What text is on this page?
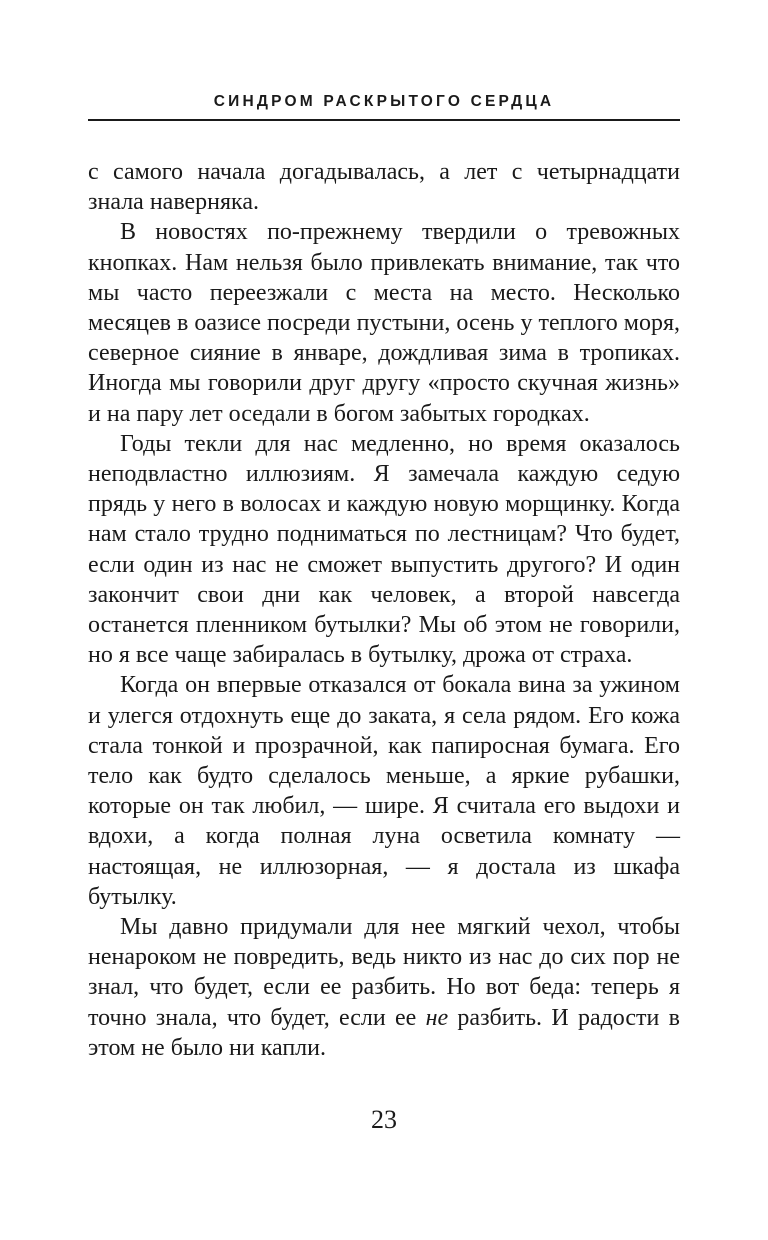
СИНДРОМ РАСКРЫТОГО СЕРДЦА

с самого начала догадывалась, а лет с четырнадцати знала наверняка.

В новостях по-прежнему твердили о тревожных кнопках. Нам нельзя было привлекать внимание, так что мы часто переезжали с места на место. Несколько месяцев в оазисе посреди пустыни, осень у теплого моря, северное сияние в январе, дождливая зима в тропиках. Иногда мы говорили друг другу «просто скучная жизнь» и на пару лет оседали в богом забытых городках.

Годы текли для нас медленно, но время оказалось неподвластно иллюзиям. Я замечала каждую седую прядь у него в волосах и каждую новую морщинку. Когда нам стало трудно подниматься по лестницам? Что будет, если один из нас не сможет выпустить другого? И один закончит свои дни как человек, а второй навсегда останется пленником бутылки? Мы об этом не говорили, но я все чаще забиралась в бутылку, дрожа от страха.

Когда он впервые отказался от бокала вина за ужином и улегся отдохнуть еще до заката, я села рядом. Его кожа стала тонкой и прозрачной, как папиросная бумага. Его тело как будто сделалось меньше, а яркие рубашки, которые он так любил, — шире. Я считала его выдохи и вдохи, а когда полная луна осветила комнату — настоящая, не иллюзорная, — я достала из шкафа бутылку.

Мы давно придумали для нее мягкий чехол, чтобы ненароком не повредить, ведь никто из нас до сих пор не знал, что будет, если ее разбить. Но вот беда: теперь я точно знала, что будет, если ее не разбить. И радости в этом не было ни капли.

23
